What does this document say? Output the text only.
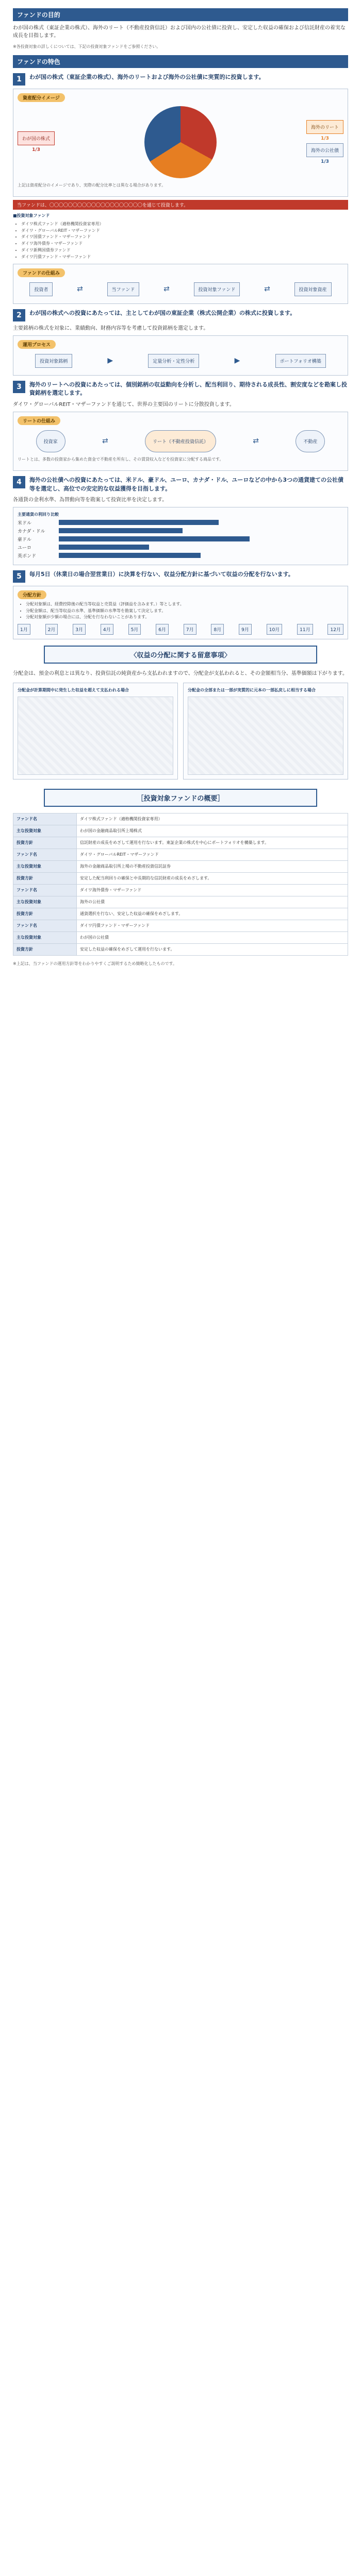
ファンドの目的

わが国の株式（東証企業の株式）、海外のリート（不動産投資信託）および国内の公社債に投資し、安定した収益の確保および信託財産の着実な成長を目指します。

※各投資対象の詳しくについては、下記の投資対象ファンドをご参照ください。

ファンドの特色
1	わが国の株式（東証企業の株式）、海外のリートおよび海外の公社債に実質的に投資します。
資産配分イメージ
わが国の株式
1/3
海外のリート
1/3
海外の公社債
1/3

上記は資産配分のイメージであり、実際の配分比率とは異なる場合があります。

当ファンドは、〇〇〇〇〇〇〇〇〇〇〇〇〇〇〇〇〇〇〇〇を通じて投資します。
■投資対象ファンド
• ダイワ株式ファンド（適格機関投資家専用）
• ダイワ・グローバルREIT・マザーファンド
• ダイワ国債ファンド・マザーファンド
• ダイワ海外債券・マザーファンド
• ダイワ新興国債券ファンド
• ダイワ円債ファンド・マザーファンド
ファンドの仕組み
投資者	⇄	当ファンド	⇄	投資対象ファンド	⇄	投資対象資産
2	わが国の株式への投資にあたっては、主としてわが国の東証企業（株式公開企業）の株式に投資します。

主要銘柄の株式を対象に、業績動向、財務内容等を考慮して投資銘柄を選定します。

運用プロセス
投資対象銘柄	▶	定量分析・定性分析	▶	ポートフォリオ構築
3	海外のリートへの投資にあたっては、個別銘柄の収益動向を分析し、配当利回り、期待される成長性、割安度などを勘案し投資銘柄を選定します。

ダイワ・グローバルREIT・マザーファンドを通じて、世界の主要国のリートに分散投資します。

リートの仕組み
投資家	⇄	リート（不動産投資信託）	⇄	不動産

リートとは、多数の投資家から集めた資金で不動産を所有し、その賃貸収入などを投資家に分配する商品です。

4	海外の公社債への投資にあたっては、米ドル、豪ドル、ユーロ、カナダ・ドル、ユーロなどの中から3つの通貨建ての公社債等を選定し、高位での安定的な収益獲得を目指します。

各通貨の金利水準、為替動向等を勘案して投資比率を決定します。

主要通貨の利回り比較
米ドル
カナダ・ドル
豪ドル
ユーロ
英ポンド
5	毎月5日（休業日の場合翌営業日）に決算を行ない、収益分配方針に基づいて収益の分配を行ないます。
分配方針
• 分配対象額は、経費控除後の配当等収益と売買益（評価益を含みます。）等とします。
• 分配金額は、配当等収益の水準、基準価額の水準等を勘案して決定します。
• 分配対象額が少額の場合には、分配を行なわないことがあります。
1月	2月	3月	4月	5月	6月	7月	8月	9月	10月	11月	12月
〈収益の分配に関する留意事項〉

分配金は、預金の利息とは異なり、投資信託の純資産から支払われますので、分配金が支払われると、その金額相当分、基準価額は下がります。

分配金が計算期間中に発生した収益を超えて支払われる場合	分配金の全部または一部が実質的に元本の一部払戻しに相当する場合
［投資対象ファンドの概要］
ファンド名	ダイワ株式ファンド（適格機関投資家専用）
主な投資対象	わが国の金融商品取引所上場株式
投資方針	信託財産の成長をめざして運用を行ないます。東証企業の株式を中心にポートフォリオを構築します。
ファンド名	ダイワ・グローバルREIT・マザーファンド
主な投資対象	海外の金融商品取引所上場の不動産投資信託証券
投資方針	安定した配当利回りの確保と中長期的な信託財産の成長をめざします。
ファンド名	ダイワ海外債券・マザーファンド
主な投資対象	海外の公社債
投資方針	通貨選択を行ない、安定した収益の確保をめざします。
ファンド名	ダイワ円債ファンド・マザーファンド
主な投資対象	わが国の公社債
投資方針	安定した収益の確保をめざして運用を行ないます。

※上記は、当ファンドの運用方針等をわかりやすくご説明するため簡略化したものです。
